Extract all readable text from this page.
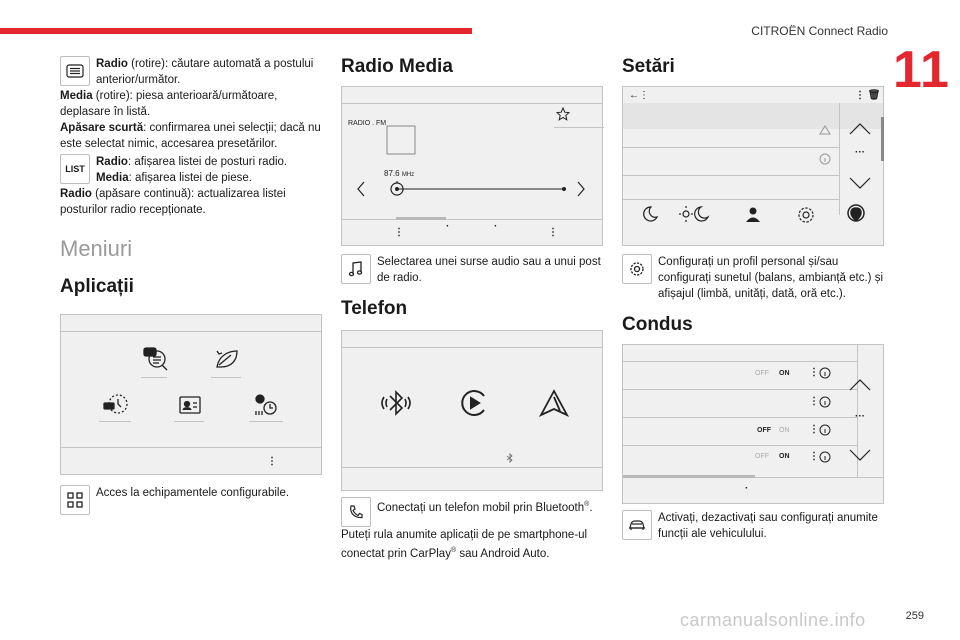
CITROËN Connect Radio
11

Radio (rotire): căutare automată a postului anterior/următor.

Media (rotire): piesa anterioară/următoare, deplasare în listă.

Apăsare scurtă: confirmarea unei selecții; dacă nu este selectat nimic, accesarea presetărilor.

LIST

Radio: afișarea listei de posturi radio.

Media: afișarea listei de piese.

Radio (apăsare continuă): actualizarea listei posturilor radio recepționate.

Meniuri
Aplicații
⋮

Acces la echipamentele configurabile.

Radio Media
RADIO . FM
87.6 MHz
⋮
·	·
⋮

Selectarea unei surse audio sau a unui post de radio.

Telefon

Conectați un telefon mobil prin Bluetooth®.

Puteți rula anumite aplicații de pe smartphone-ul conectat prin CarPlay® sau Android Auto.

Setări
←⋮	⋮ 🗑
···

Configurați un profil personal și/sau configurați sunetul (balans, ambianță etc.) și afișajul (limbă, unități, dată, oră etc.).

Condus
OFF ON ⋮
⋮
OFF ON ⋮
OFF ON ⋮
···
·

Activați, dezactivați sau configurați anumite funcții ale vehiculului.

carmanualsonline.info	259
